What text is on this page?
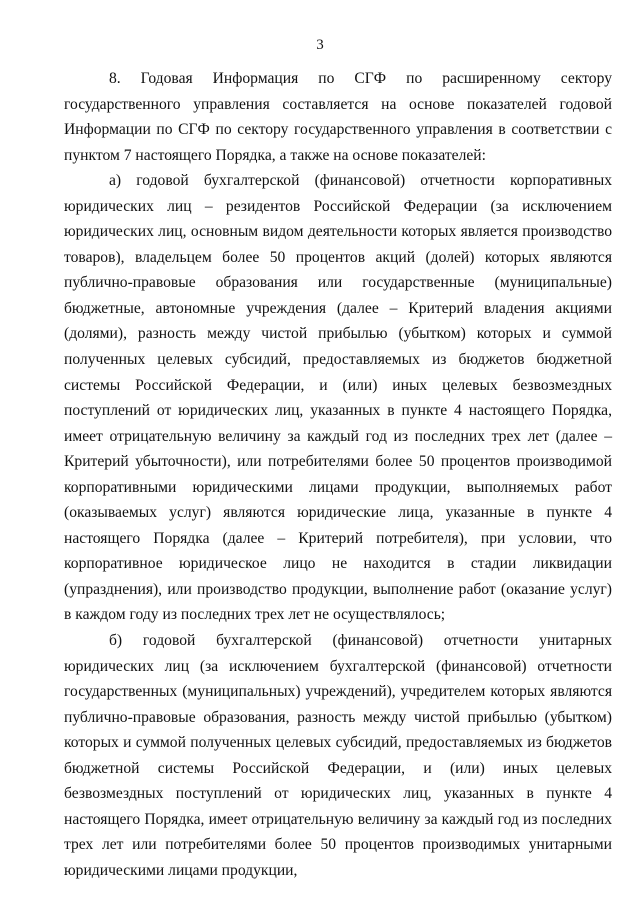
3

8. Годовая Информация по СГФ по расширенному сектору государственного управления составляется на основе показателей годовой Информации по СГФ по сектору государственного управления в соответствии с пунктом 7 настоящего Порядка, а также на основе показателей:

а) годовой бухгалтерской (финансовой) отчетности корпоративных юридических лиц – резидентов Российской Федерации (за исключением юридических лиц, основным видом деятельности которых является производство товаров), владельцем более 50 процентов акций (долей) которых являются публично-правовые образования или государственные (муниципальные) бюджетные, автономные учреждения (далее – Критерий владения акциями (долями), разность между чистой прибылью (убытком) которых и суммой полученных целевых субсидий, предоставляемых из бюджетов бюджетной системы Российской Федерации, и (или) иных целевых безвозмездных поступлений от юридических лиц, указанных в пункте 4 настоящего Порядка, имеет отрицательную величину за каждый год из последних трех лет (далее – Критерий убыточности), или потребителями более 50 процентов производимой корпоративными юридическими лицами продукции, выполняемых работ (оказываемых услуг) являются юридические лица, указанные в пункте 4 настоящего Порядка (далее – Критерий потребителя), при условии, что корпоративное юридическое лицо не находится в стадии ликвидации (упразднения), или производство продукции, выполнение работ (оказание услуг) в каждом году из последних трех лет не осуществлялось;

б) годовой бухгалтерской (финансовой) отчетности унитарных юридических лиц (за исключением бухгалтерской (финансовой) отчетности государственных (муниципальных) учреждений), учредителем которых являются публично-правовые образования, разность между чистой прибылью (убытком) которых и суммой полученных целевых субсидий, предоставляемых из бюджетов бюджетной системы Российской Федерации, и (или) иных целевых безвозмездных поступлений от юридических лиц, указанных в пункте 4 настоящего Порядка, имеет отрицательную величину за каждый год из последних трех лет или потребителями более 50 процентов производимых унитарными юридическими лицами продукции,
